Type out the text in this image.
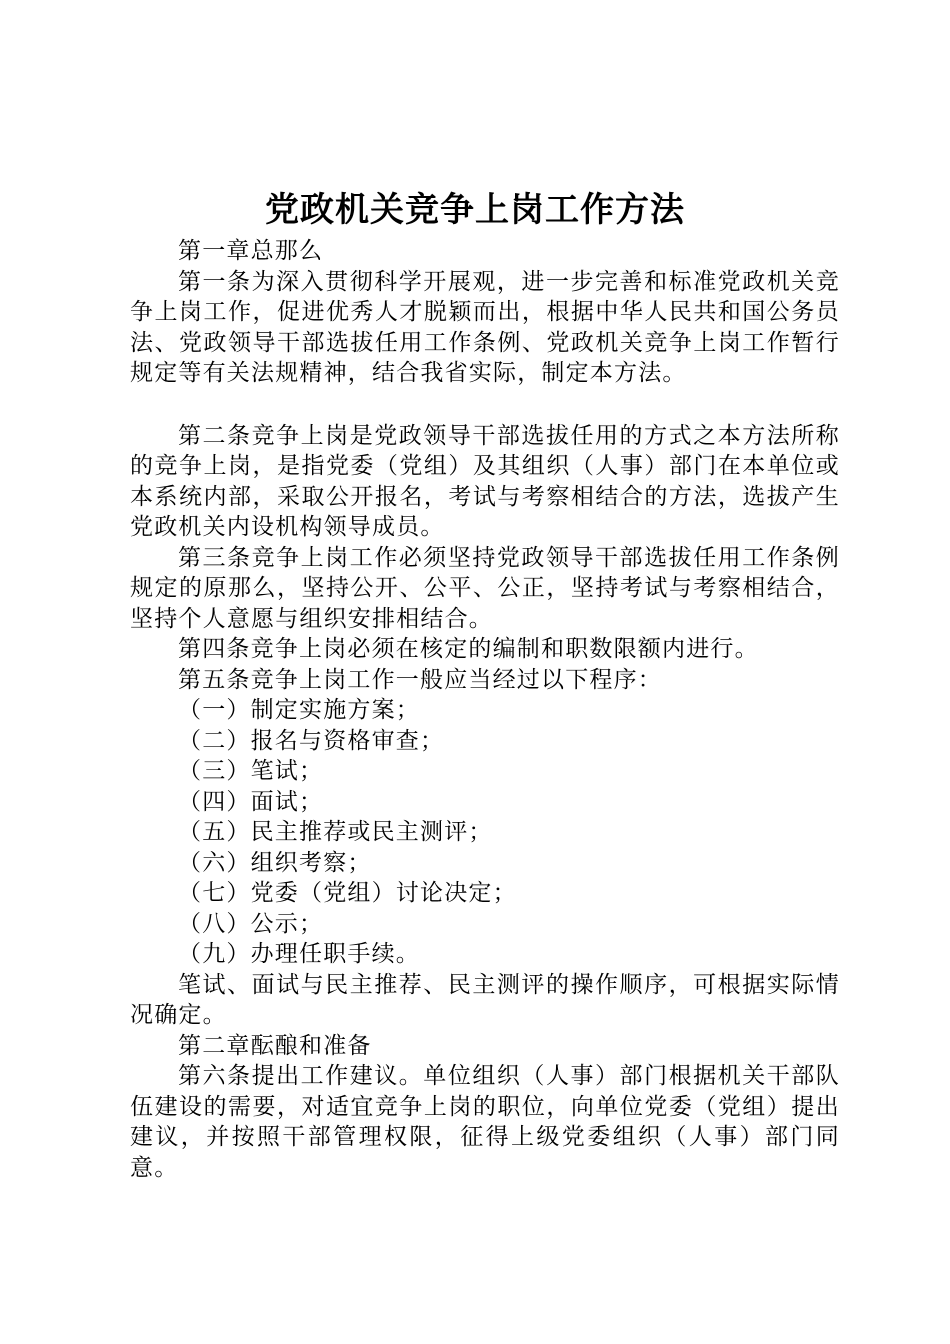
党政机关竞争上岗工作方法

第一章总那么

第一条为深入贯彻科学开展观，进一步完善和标准党政机关竞争上岗工作，促进优秀人才脱颖而出，根据中华人民共和国公务员法、党政领导干部选拔任用工作条例、党政机关竞争上岗工作暂行规定等有关法规精神，结合我省实际，制定本方法。

第二条竞争上岗是党政领导干部选拔任用的方式之本方法所称的竞争上岗，是指党委（党组）及其组织（人事）部门在本单位或本系统内部，采取公开报名，考试与考察相结合的方法，选拔产生党政机关内设机构领导成员。

第三条竞争上岗工作必须坚持党政领导干部选拔任用工作条例规定的原那么，坚持公开、公平、公正，坚持考试与考察相结合，坚持个人意愿与组织安排相结合。

第四条竞争上岗必须在核定的编制和职数限额内进行。

第五条竞争上岗工作一般应当经过以下程序：

（一）制定实施方案；

（二）报名与资格审查；

（三）笔试；

（四）面试；

（五）民主推荐或民主测评；

（六）组织考察；

（七）党委（党组）讨论决定；

（八）公示；

（九）办理任职手续。

笔试、面试与民主推荐、民主测评的操作顺序，可根据实际情况确定。

第二章酝酿和准备

第六条提出工作建议。单位组织（人事）部门根据机关干部队伍建设的需要，对适宜竞争上岗的职位，向单位党委（党组）提出建议，并按照干部管理权限，征得上级党委组织（人事）部门同意。
